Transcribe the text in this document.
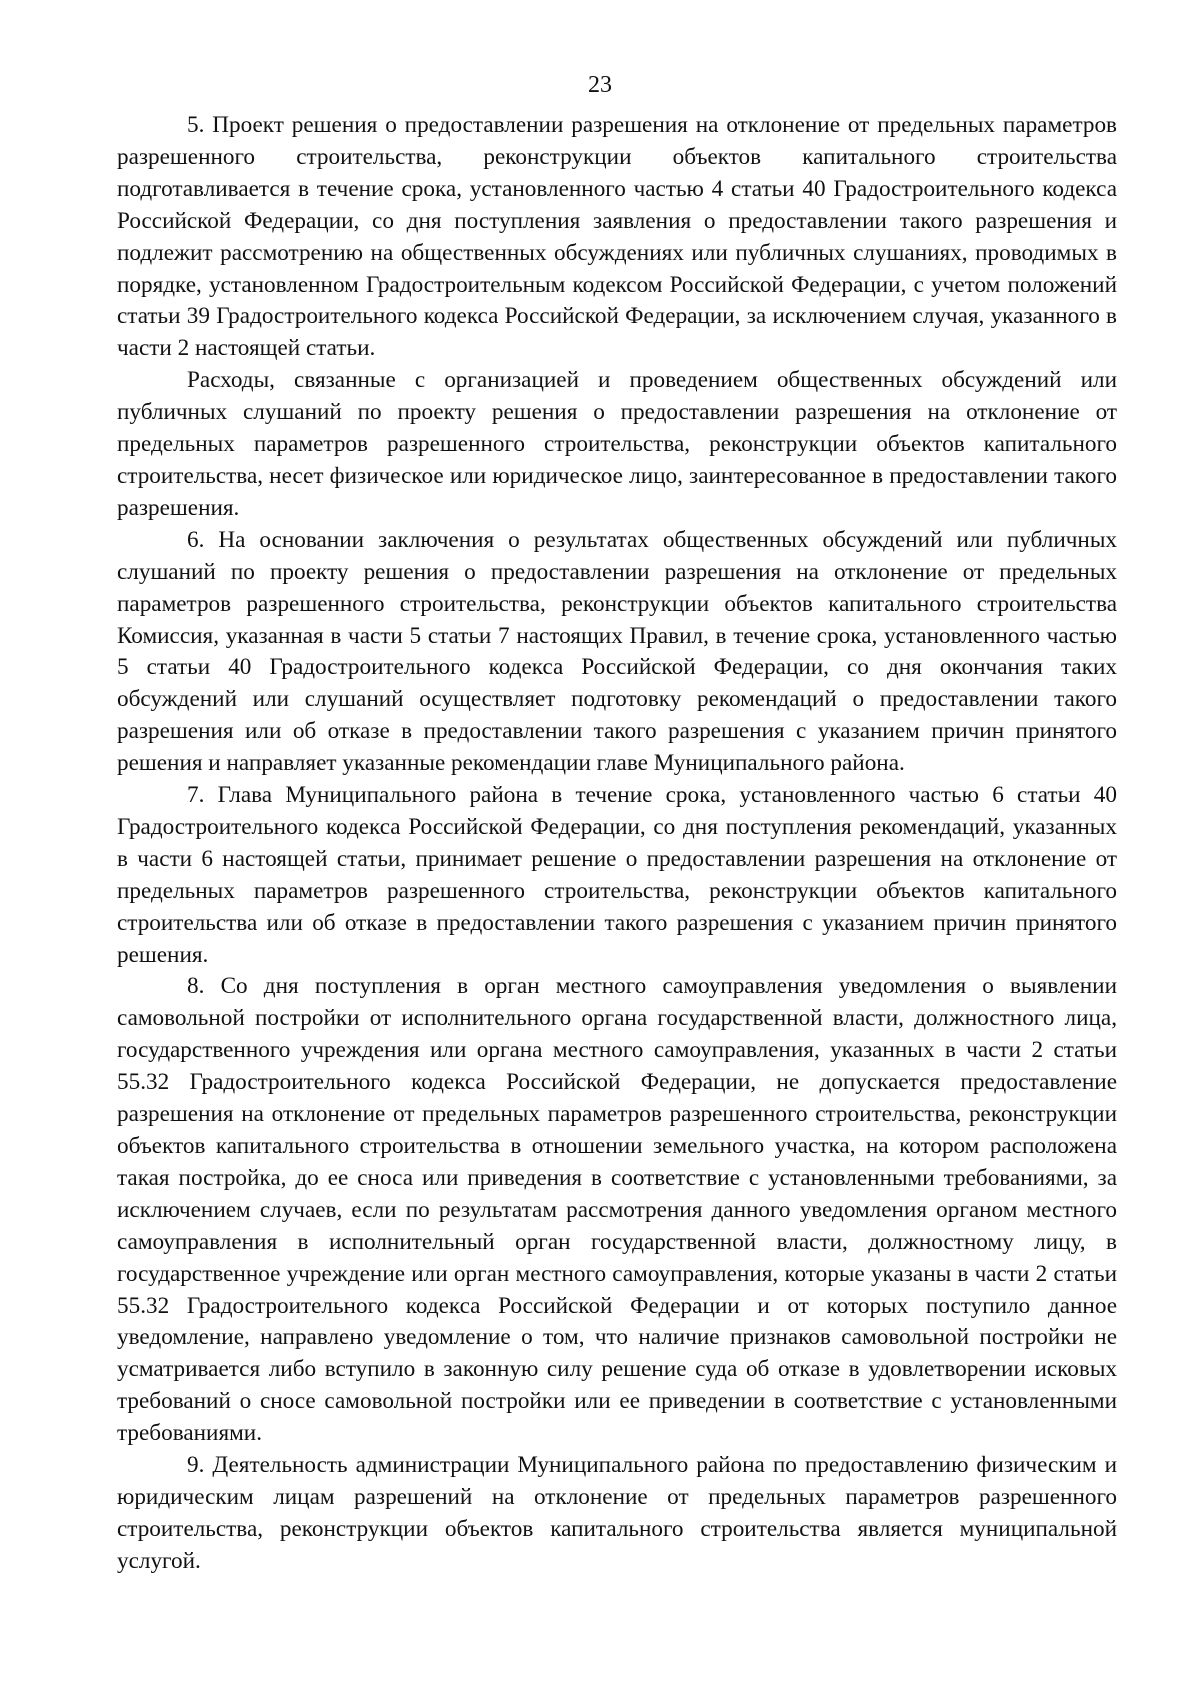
23

5. Проект решения о предоставлении разрешения на отклонение от предельных параметров разрешенного строительства, реконструкции объектов капитального строительства подготавливается в течение срока, установленного частью 4 статьи 40 Градостроительного кодекса Российской Федерации, со дня поступления заявления о предоставлении такого разрешения и подлежит рассмотрению на общественных обсуждениях или публичных слушаниях, проводимых в порядке, установленном Градостроительным кодексом Российской Федерации, с учетом положений статьи 39 Градостроительного кодекса Российской Федерации, за исключением случая, указанного в части 2 настоящей статьи.

Расходы, связанные с организацией и проведением общественных обсуждений или публичных слушаний по проекту решения о предоставлении разрешения на отклонение от предельных параметров разрешенного строительства, реконструкции объектов капитального строительства, несет физическое или юридическое лицо, заинтересованное в предоставлении такого разрешения.

6. На основании заключения о результатах общественных обсуждений или публичных слушаний по проекту решения о предоставлении разрешения на отклонение от предельных параметров разрешенного строительства, реконструкции объектов капитального строительства Комиссия, указанная в части 5 статьи 7 настоящих Правил, в течение срока, установленного частью 5 статьи 40 Градостроительного кодекса Российской Федерации, со дня окончания таких обсуждений или слушаний осуществляет подготовку рекомендаций о предоставлении такого разрешения или об отказе в предоставлении такого разрешения с указанием причин принятого решения и направляет указанные рекомендации главе Муниципального района.

7. Глава Муниципального района в течение срока, установленного частью 6 статьи 40 Градостроительного кодекса Российской Федерации, со дня поступления рекомендаций, указанных в части 6 настоящей статьи, принимает решение о предоставлении разрешения на отклонение от предельных параметров разрешенного строительства, реконструкции объектов капитального строительства или об отказе в предоставлении такого разрешения с указанием причин принятого решения.

8. Со дня поступления в орган местного самоуправления уведомления о выявлении самовольной постройки от исполнительного органа государственной власти, должностного лица, государственного учреждения или органа местного самоуправления, указанных в части 2 статьи 55.32 Градостроительного кодекса Российской Федерации, не допускается предоставление разрешения на отклонение от предельных параметров разрешенного строительства, реконструкции объектов капитального строительства в отношении земельного участка, на котором расположена такая постройка, до ее сноса или приведения в соответствие с установленными требованиями, за исключением случаев, если по результатам рассмотрения данного уведомления органом местного самоуправления в исполнительный орган государственной власти, должностному лицу, в государственное учреждение или орган местного самоуправления, которые указаны в части 2 статьи 55.32 Градостроительного кодекса Российской Федерации и от которых поступило данное уведомление, направлено уведомление о том, что наличие признаков самовольной постройки не усматривается либо вступило в законную силу решение суда об отказе в удовлетворении исковых требований о сносе самовольной постройки или ее приведении в соответствие с установленными требованиями.

9. Деятельность администрации Муниципального района по предоставлению физическим и юридическим лицам разрешений на отклонение от предельных параметров разрешенного строительства, реконструкции объектов капитального строительства является муниципальной услугой.
